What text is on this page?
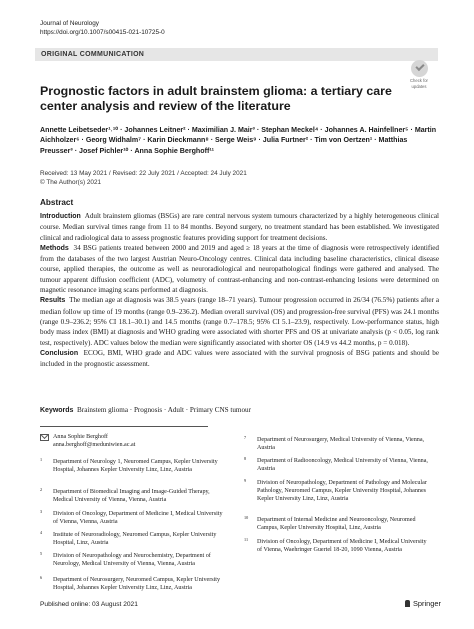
Journal of Neurology
https://doi.org/10.1007/s00415-021-10725-0
ORIGINAL COMMUNICATION
Check for
updates
Prognostic factors in adult brainstem glioma: a tertiary care center analysis and review of the literature
Annette Leibetseder¹˒¹⁰ · Johannes Leitner² · Maximilian J. Mair³ · Stephan Meckel⁴ · Johannes A. Hainfellner⁵ · Martin Aichholzer⁶ · Georg Widhalm⁷ · Karin Dieckmann⁸ · Serge Weis⁹ · Julia Furtner² · Tim von Oertzen¹ · Matthias Preusser³ · Josef Pichler¹⁰ · Anna Sophie Berghoff¹¹
Received: 13 May 2021 / Revised: 22 July 2021 / Accepted: 24 July 2021
© The Author(s) 2021
Abstract

Introduction Adult brainstem gliomas (BSGs) are rare central nervous system tumours characterized by a highly heterogeneous clinical course. Median survival times range from 11 to 84 months. Beyond surgery, no treatment standard has been established. We investigated clinical and radiological data to assess prognostic features providing support for treatment decisions.

Methods 34 BSG patients treated between 2000 and 2019 and aged ≥ 18 years at the time of diagnosis were retrospectively identified from the databases of the two largest Austrian Neuro-Oncology centres. Clinical data including baseline characteristics, clinical disease course, applied therapies, the outcome as well as neuroradiological and neuropathological findings were gathered and analysed. The tumour apparent diffusion coefficient (ADC), volumetry of contrast-enhancing and non-contrast-enhancing lesions were determined on magnetic resonance imaging scans performed at diagnosis.

Results The median age at diagnosis was 38.5 years (range 18–71 years). Tumour progression occurred in 26/34 (76.5%) patients after a median follow up time of 19 months (range 0.9–236.2). Median overall survival (OS) and progression-free survival (PFS) was 24.1 months (range 0.9–236.2; 95% CI 18.1–30.1) and 14.5 months (range 0.7–178.5; 95% CI 5.1–23.9), respectively. Low-performance status, high body mass index (BMI) at diagnosis and WHO grading were associated with shorter PFS and OS at univariate analysis (p < 0.05, log rank test, respectively). ADC values below the median were significantly associated with shorter OS (14.9 vs 44.2 months, p = 0.018).

Conclusion ECOG, BMI, WHO grade and ADC values were associated with the survival prognosis of BSG patients and should be included in the prognostic assessment.

Keywords Brainstem glioma · Prognosis · Adult · Primary CNS tumour
Anna Sophie Berghoff
anna.berghoff@meduniwien.ac.at
1 Department of Neurology 1, Neuromed Campus, Kepler University Hospital, Johannes Kepler University Linz, Linz, Austria
2 Department of Biomedical Imaging and Image-Guided Therapy, Medical University of Vienna, Vienna, Austria
3 Division of Oncology, Department of Medicine I, Medical University of Vienna, Vienna, Austria
4 Institute of Neuroradiology, Neuromed Campus, Kepler University Hospital, Linz, Austria
5 Division of Neuropathology and Neurochemistry, Department of Neurology, Medical University of Vienna, Vienna, Austria
6 Department of Neurosurgery, Neuromed Campus, Kepler University Hospital, Johannes Kepler University Linz, Linz, Austria
7 Department of Neurosurgery, Medical University of Vienna, Vienna, Austria
8 Department of Radiooncology, Medical University of Vienna, Vienna, Austria
9 Division of Neuropathology, Department of Pathology and Molecular Pathology, Neuromed Campus, Kepler University Hospital, Johannes Kepler University Linz, Linz, Austria
10 Department of Internal Medicine and Neurooncology, Neuromed Campus, Kepler University Hospital, Linz, Austria
11 Division of Oncology, Department of Medicine I, Medical University of Vienna, Waehringer Guertel 18-20, 1090 Vienna, Austria
Published online: 03 August 2021	Springer
